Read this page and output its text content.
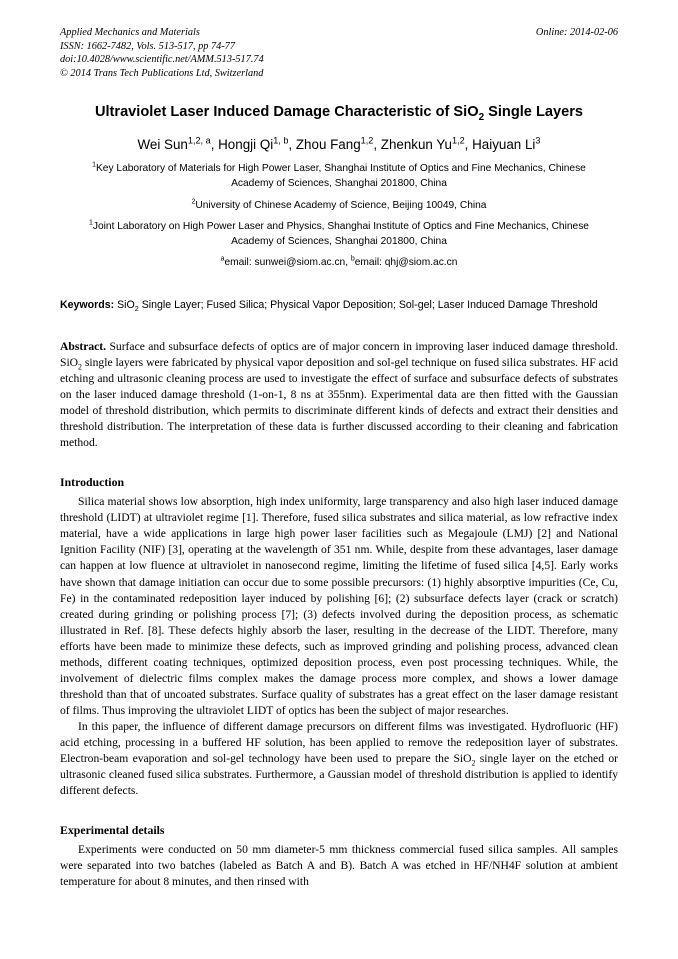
Applied Mechanics and Materials
ISSN: 1662-7482, Vols. 513-517, pp 74-77
doi:10.4028/www.scientific.net/AMM.513-517.74
© 2014 Trans Tech Publications Ltd, Switzerland
Online: 2014-02-06
Ultraviolet Laser Induced Damage Characteristic of SiO$_2$ Single Layers
Wei Sun$^{1,2, a}$, Hongji Qi$^{1, b}$, Zhou Fang$^{1,2}$, Zhenkun Yu$^{1,2}$, Haiyuan Li$^3$
$^1$Key Laboratory of Materials for High Power Laser, Shanghai Institute of Optics and Fine Mechanics, Chinese Academy of Sciences, Shanghai 201800, China
$^2$University of Chinese Academy of Science, Beijing 10049, China
$^1$Joint Laboratory on High Power Laser and Physics, Shanghai Institute of Optics and Fine Mechanics, Chinese Academy of Sciences, Shanghai 201800, China
$^a$email: sunwei@siom.ac.cn, $^b$email: qhj@siom.ac.cn
Keywords: SiO$_2$ Single Layer; Fused Silica; Physical Vapor Deposition; Sol-gel; Laser Induced Damage Threshold
Abstract. Surface and subsurface defects of optics are of major concern in improving laser induced damage threshold. SiO$_2$ single layers were fabricated by physical vapor deposition and sol-gel technique on fused silica substrates. HF acid etching and ultrasonic cleaning process are used to investigate the effect of surface and subsurface defects of substrates on the laser induced damage threshold (1-on-1, 8 ns at 355nm). Experimental data are then fitted with the Gaussian model of threshold distribution, which permits to discriminate different kinds of defects and extract their densities and threshold distribution. The interpretation of these data is further discussed according to their cleaning and fabrication method.
Introduction

Silica material shows low absorption, high index uniformity, large transparency and also high laser induced damage threshold (LIDT) at ultraviolet regime [1]. Therefore, fused silica substrates and silica material, as low refractive index material, have a wide applications in large high power laser facilities such as Megajoule (LMJ) [2] and National Ignition Facility (NIF) [3], operating at the wavelength of 351 nm. While, despite from these advantages, laser damage can happen at low fluence at ultraviolet in nanosecond regime, limiting the lifetime of fused silica [4,5]. Early works have shown that damage initiation can occur due to some possible precursors: (1) highly absorptive impurities (Ce, Cu, Fe) in the contaminated redeposition layer induced by polishing [6]; (2) subsurface defects layer (crack or scratch) created during grinding or polishing process [7]; (3) defects involved during the deposition process, as schematic illustrated in Ref. [8]. These defects highly absorb the laser, resulting in the decrease of the LIDT. Therefore, many efforts have been made to minimize these defects, such as improved grinding and polishing process, advanced clean methods, different coating techniques, optimized deposition process, even post processing techniques. While, the involvement of dielectric films complex makes the damage process more complex, and shows a lower damage threshold than that of uncoated substrates. Surface quality of substrates has a great effect on the laser damage resistant of films. Thus improving the ultraviolet LIDT of optics has been the subject of major researches.

In this paper, the influence of different damage precursors on different films was investigated. Hydrofluoric (HF) acid etching, processing in a buffered HF solution, has been applied to remove the redeposition layer of substrates. Electron-beam evaporation and sol-gel technology have been used to prepare the SiO$_2$ single layer on the etched or ultrasonic cleaned fused silica substrates. Furthermore, a Gaussian model of threshold distribution is applied to identify different defects.

Experimental details

Experiments were conducted on 50 mm diameter-5 mm thickness commercial fused silica samples. All samples were separated into two batches (labeled as Batch A and B). Batch A was etched in HF/NH4F solution at ambient temperature for about 8 minutes, and then rinsed with
